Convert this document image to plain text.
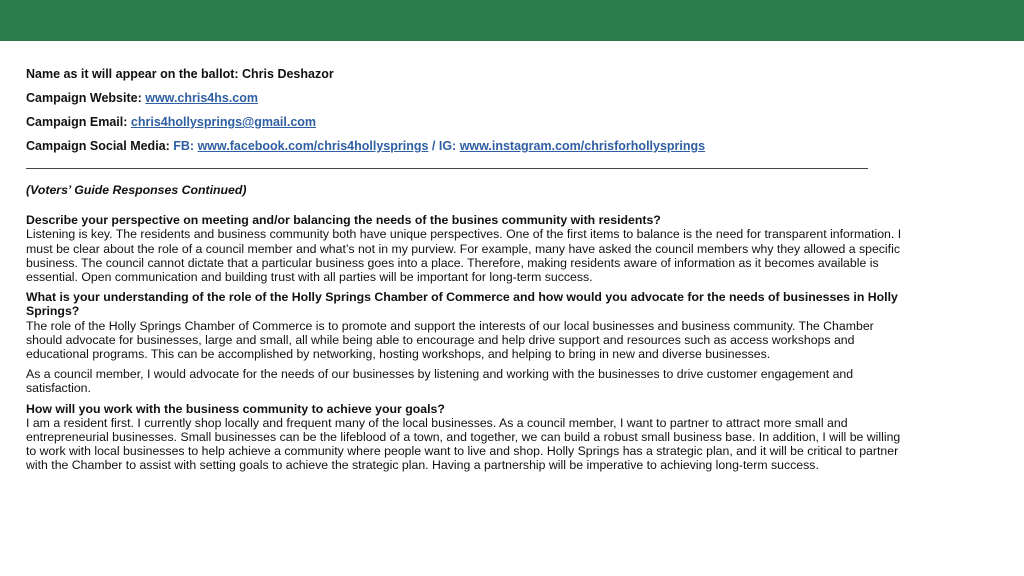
Name as it will appear on the ballot: Chris Deshazor

Campaign Website: www.chris4hs.com

Campaign Email: chris4hollysprings@gmail.com

Campaign Social Media: FB: www.facebook.com/chris4hollysprings / IG: www.instagram.com/chrisforhollysprings

(Voters’ Guide Responses Continued)

Describe your perspective on meeting and/or balancing the needs of the busines community with residents?

Listening is key. The residents and business community both have unique perspectives. One of the first items to balance is the need for transparent information. I must be clear about the role of a council member and what’s not in my purview. For example, many have asked the council members why they allowed a specific business. The council cannot dictate that a particular business goes into a place. Therefore, making residents aware of information as it becomes available is essential. Open communication and building trust with all parties will be important for long-term success.

What is your understanding of the role of the Holly Springs Chamber of Commerce and how would you advocate for the needs of businesses in Holly Springs?

The role of the Holly Springs Chamber of Commerce is to promote and support the interests of our local businesses and business community. The Chamber should advocate for businesses, large and small, all while being able to encourage and help drive support and resources such as access workshops and educational programs. This can be accomplished by networking, hosting workshops, and helping to bring in new and diverse businesses.

As a council member, I would advocate for the needs of our businesses by listening and working with the businesses to drive customer engagement and satisfaction.

How will you work with the business community to achieve your goals?

I am a resident first. I currently shop locally and frequent many of the local businesses. As a council member, I want to partner to attract more small and entrepreneurial businesses. Small businesses can be the lifeblood of a town, and together, we can build a robust small business base. In addition, I will be willing to work with local businesses to help achieve a community where people want to live and shop. Holly Springs has a strategic plan, and it will be critical to partner with the Chamber to assist with setting goals to achieve the strategic plan. Having a partnership will be imperative to achieving long-term success.
